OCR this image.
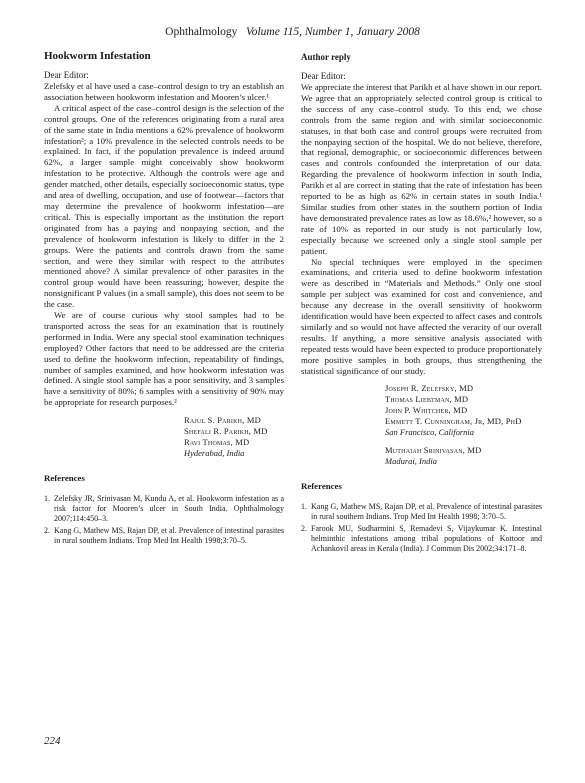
Ophthalmology Volume 115, Number 1, January 2008
Hookworm Infestation
Dear Editor:

Zelefsky et al have used a case–control design to try an establish an association between hookworm infestation and Mooren’s ulcer.¹

A critical aspect of the case–control design is the selection of the control groups. One of the references originating from a rural area of the same state in India mentions a 62% prevalence of hookworm infestation²; a 10% prevalence in the selected controls needs to be explained. In fact, if the population prevalence is indeed around 62%, a larger sample might conceivably show hookworm infestation to be protective. Although the controls were age and gender matched, other details, especially socioeconomic status, type and area of dwelling, occupation, and use of footwear—factors that may determine the prevalence of hookworm infestation—are critical. This is especially important as the institution the report originated from has a paying and nonpaying section, and the prevalence of hookworm infestation is likely to differ in the 2 groups. Were the patients and controls drawn from the same section, and were they similar with respect to the attributes mentioned above? A similar prevalence of other parasites in the control group would have been reassuring; however, despite the nonsignificant P values (in a small sample), this does not seem to be the case.

We are of course curious why stool samples had to be transported across the seas for an examination that is routinely performed in India. Were any special stool examination techniques employed? Other factors that need to be addressed are the criteria used to define the hookworm infection, repeatability of findings, number of samples examined, and how hookworm infestation was defined. A single stool sample has a poor sensitivity, and 3 samples have a sensitivity of 80%; 6 samples with a sensitivity of 90% may be appropriate for research purposes.²

Rajul S. Parikh, MD
Shefali R. Parikh, MD
Ravi Thomas, MD
Hyderabad, India
References
1. Zelefsky JR, Srinivasan M, Kundu A, et al. Hookworm infestation as a risk factor for Mooren’s ulcer in South India. Ophthalmology 2007;114:450–3.
2. Kang G, Mathew MS, Rajan DP, et al. Prevalence of intestinal parasites in rural southern Indians. Trop Med Int Health 1998;3:70–5.
Author reply
Dear Editor:

We appreciate the interest that Parikh et al have shown in our report. We agree that an appropriately selected control group is critical to the success of any case–control study. To this end, we chose controls from the same region and with similar socioeconomic statuses, in that both case and control groups were recruited from the nonpaying section of the hospital. We do not believe, therefore, that regional, demographic, or socioeconomic differences between cases and controls confounded the interpretation of our data. Regarding the prevalence of hookworm infection in south India, Parikh et al are correct in stating that the rate of infestation has been reported to be as high as 62% in certain states in south India.¹ Similar studies from other states in the southern portion of India have demonstrated prevalence rates as low as 18.6%,² however, so a rate of 10% as reported in our study is not particularly low, especially because we screened only a single stool sample per patient.

No special techniques were employed in the specimen examinations, and criteria used to define hookworm infestation were as described in “Materials and Methods.” Only one stool sample per subject was examined for cost and convenience, and because any decrease in the overall sensitivity of hookworm identification would have been expected to affect cases and controls similarly and so would not have affected the veracity of our overall results. If anything, a more sensitive analysis associated with repeated tests would have been expected to produce proportionately more positive samples in both groups, thus strengthening the statistical significance of our study.

Joseph R. Zelefsky, MD
Thomas Liebtman, MD
John P. Whitcher, MD
Emmett T. Cunningham, Jr, MD, PhD
San Francisco, California
Muthaiah Srinivasan, MD
Madurai, India
References
1. Kang G, Mathew MS, Rajan DP, et al. Prevalence of intestinal parasites in rural southern Indians. Trop Med Int Health 1998; 3:70–5.
2. Farook MU, Sudharmini S, Remadevi S, Vijaykumar K. Intestinal helminthic infestations among tribal populations of Kottoor and Achankovil areas in Kerala (India). J Commun Dis 2002;34:171–8.
224
